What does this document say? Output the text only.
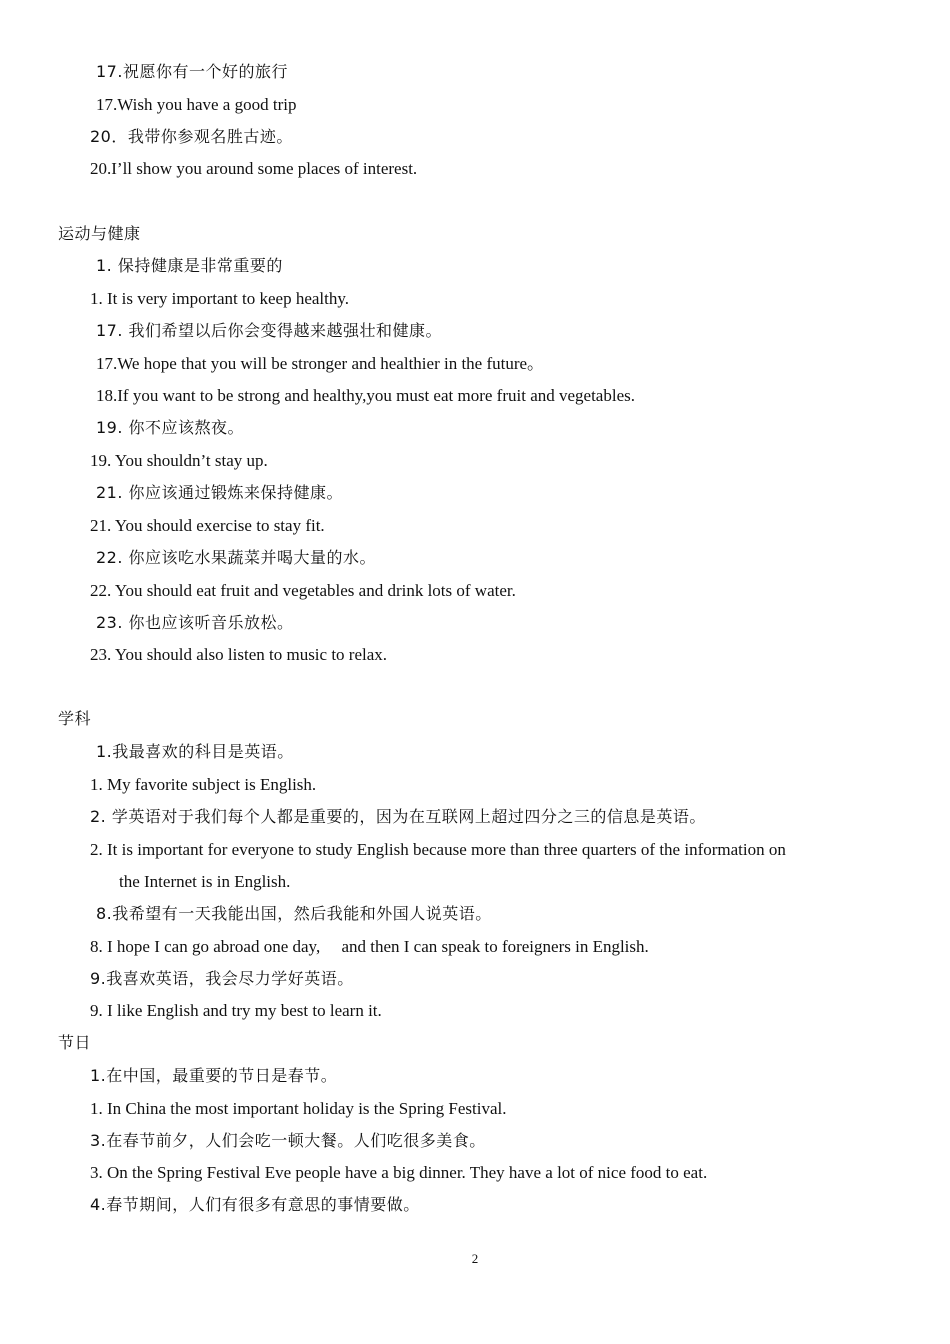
17.祝愿你有一个好的旅行
17.Wish you have a good trip
20．我带你参观名胜古迹。
20.I’ll show you around some places of interest.
运动与健康
1. 保持健康是非常重要的
1. It is very important to keep healthy.
17. 我们希望以后你会变得越来越强壮和健康。
17.We hope that you will be stronger and healthier in the future。
18.If you want to be strong and healthy,you must eat more fruit and vegetables.
19. 你不应该熬夜。
19. You shouldn’t stay up.
21. 你应该通过锻炼来保持健康。
21. You should exercise to stay fit.
22. 你应该吃水果蔬菜并喝大量的水。
22. You should eat fruit and vegetables and drink lots of water.
23. 你也应该听音乐放松。
23. You should also listen to music to relax.
学科
1.我最喜欢的科目是英语。
1. My favorite subject is English.
2. 学英语对于我们每个人都是重要的，因为在互联网上超过四分之三的信息是英语。
2. It is important for everyone to study English because more than three quarters of the information on
the Internet is in English.
8.我希望有一天我能出国，然后我能和外国人说英语。
8. I hope I can go abroad one day,     and then I can speak to foreigners in English.
9.我喜欢英语，我会尽力学好英语。
9. I like English and try my best to learn it.
节日
1.在中国，最重要的节日是春节。
1. In China the most important holiday is the Spring Festival.
3.在春节前夕，人们会吃一顿大餐。人们吃很多美食。
3. On the Spring Festival Eve people have a big dinner. They have a lot of nice food to eat.
4.春节期间，人们有很多有意思的事情要做。
2
